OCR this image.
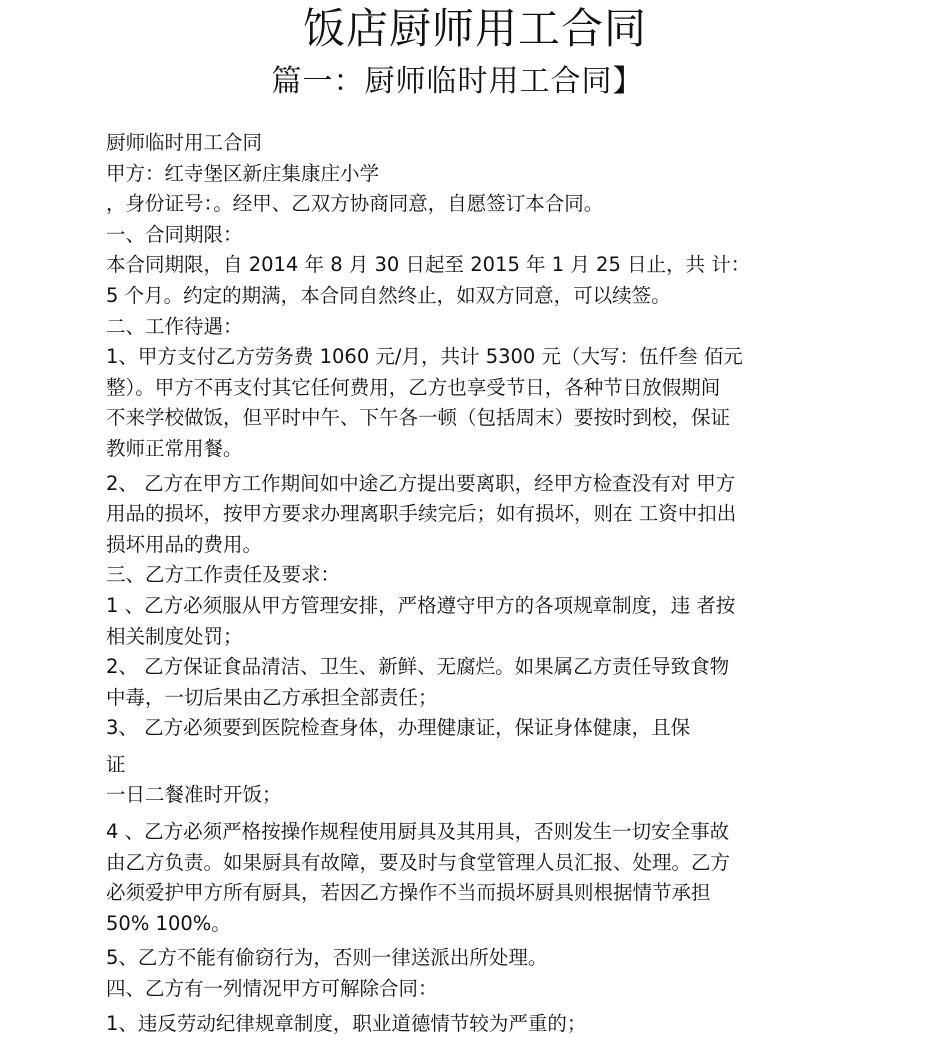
饭店厨师用工合同
篇一：厨师临时用工合同】
厨师临时用工合同
甲方：红寺堡区新庄集康庄小学
，身份证号：。经甲、乙双方协商同意，自愿签订本合同。
一、合同期限：
本合同期限，自 2014 年 8 月 30 日起至 2015 年 1 月 25 日止，共 计：
5 个月。约定的期满，本合同自然终止，如双方同意，可以续签。
二、工作待遇：
1、甲方支付乙方劳务费 1060 元/月，共计 5300 元（大写：伍仟叁 佰元
整）。甲方不再支付其它任何费用，乙方也享受节日，各种节日放假期间
不来学校做饭，但平时中午、下午各一顿（包括周末）要按时到校，保证
教师正常用餐。
2、 乙方在甲方工作期间如中途乙方提出要离职，经甲方检查没有对 甲方
用品的损坏，按甲方要求办理离职手续完后；如有损坏，则在 工资中扣出
损坏用品的费用。
三、乙方工作责任及要求：
1 、乙方必须服从甲方管理安排，严格遵守甲方的各项规章制度，违 者按
相关制度处罚；
2、 乙方保证食品清洁、卫生、新鲜、无腐烂。如果属乙方责任导致食物
中毒，一切后果由乙方承担全部责任；
3、 乙方必须要到医院检查身体，办理健康证，保证身体健康，且保
证
一日二餐准时开饭；
4 、乙方必须严格按操作规程使用厨具及其用具，否则发生一切安全事故
由乙方负责。如果厨具有故障，要及时与食堂管理人员汇报、处理。乙方
必须爱护甲方所有厨具，若因乙方操作不当而损坏厨具则根据情节承担
50% 100%。
5、乙方不能有偷窃行为，否则一律送派出所处理。
四、乙方有一列情况甲方可解除合同：
1、违反劳动纪律规章制度，职业道德情节较为严重的；
